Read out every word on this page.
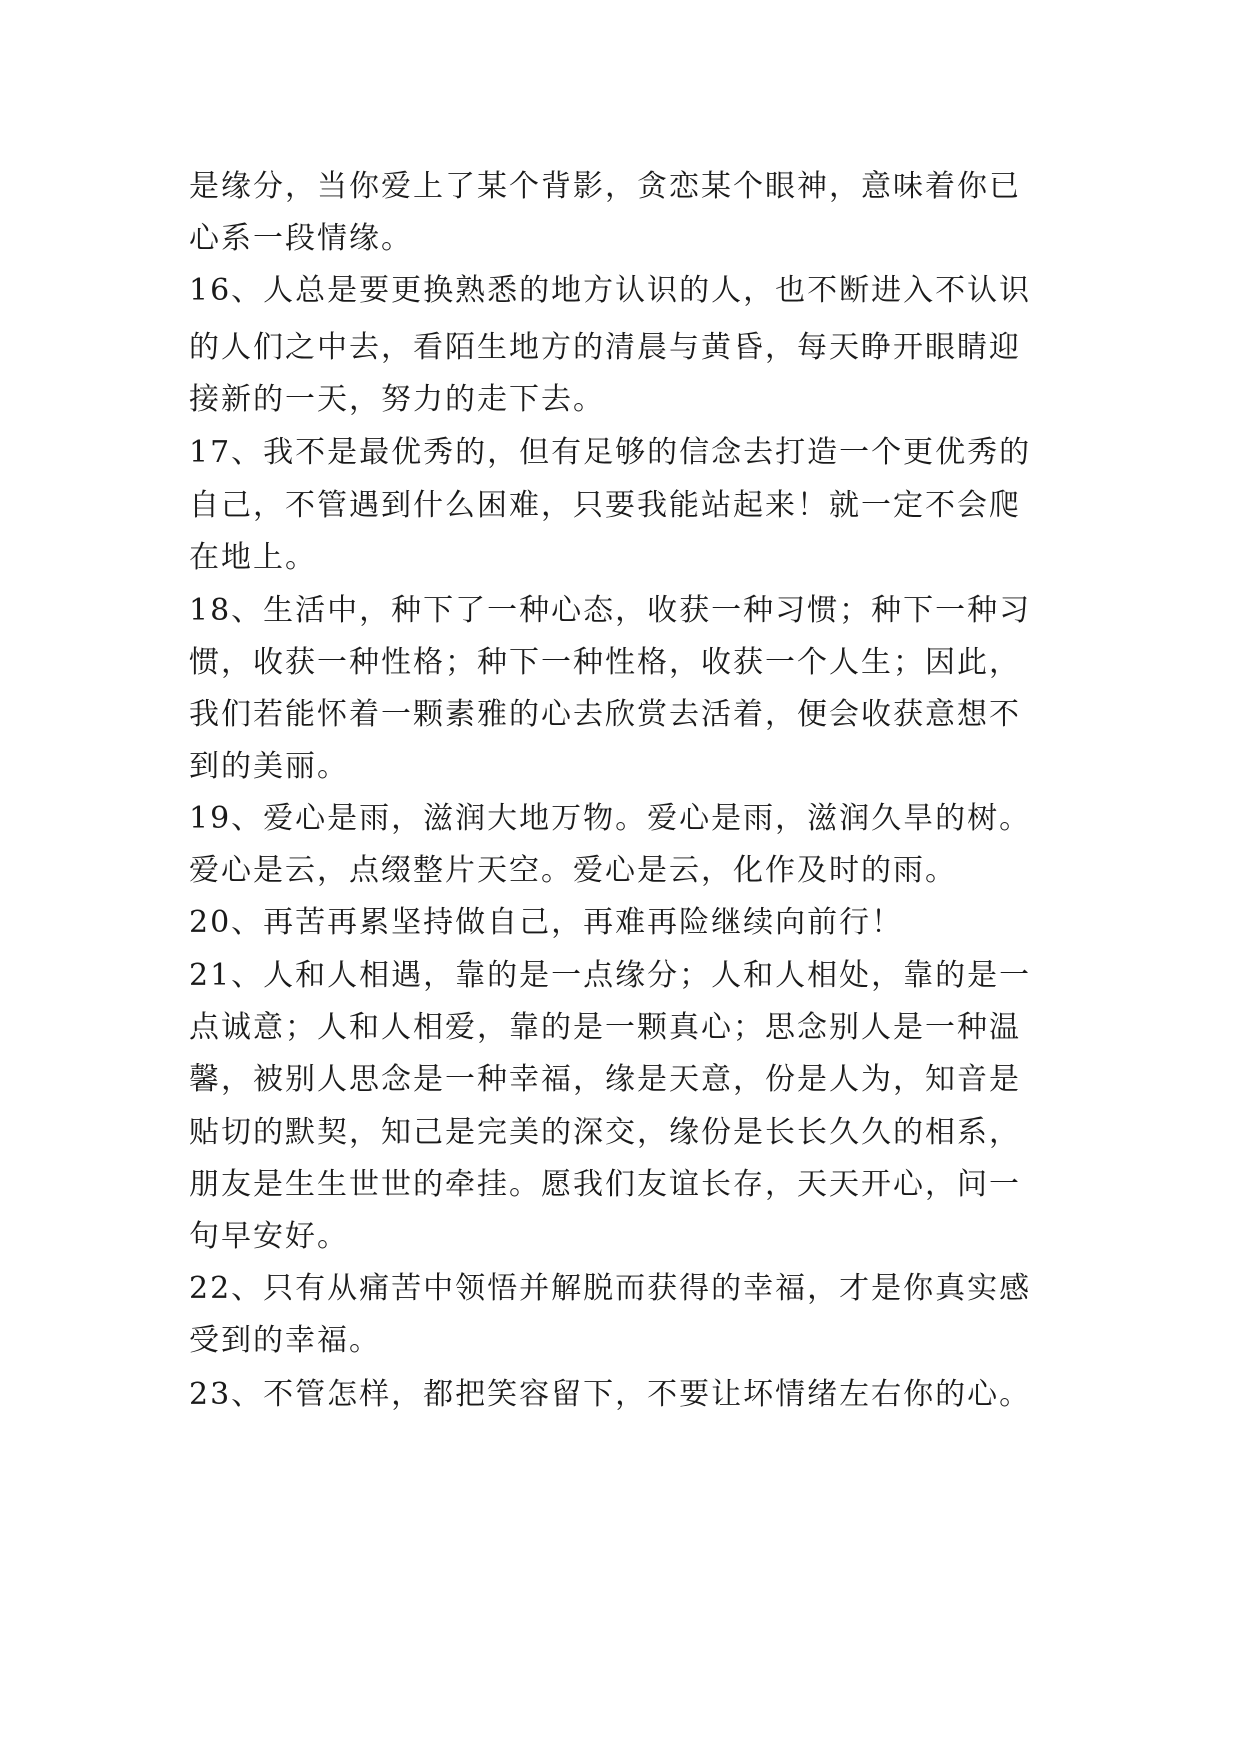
是缘分，当你爱上了某个背影，贪恋某个眼神，意味着你已
心系一段情缘。
16、人总是要更换熟悉的地方认识的人，也不断进入不认识
的人们之中去，看陌生地方的清晨与黄昏，每天睁开眼睛迎
接新的一天，努力的走下去。
17、我不是最优秀的，但有足够的信念去打造一个更优秀的
自己，不管遇到什么困难，只要我能站起来！就一定不会爬
在地上。
18、生活中，种下了一种心态，收获一种习惯；种下一种习
惯，收获一种性格；种下一种性格，收获一个人生；因此，
我们若能怀着一颗素雅的心去欣赏去活着，便会收获意想不
到的美丽。
19、爱心是雨，滋润大地万物。爱心是雨，滋润久旱的树。
爱心是云，点缀整片天空。爱心是云，化作及时的雨。
20、再苦再累坚持做自己，再难再险继续向前行！
21、人和人相遇，靠的是一点缘分；人和人相处，靠的是一
点诚意；人和人相爱，靠的是一颗真心；思念别人是一种温
馨，被别人思念是一种幸福，缘是天意，份是人为，知音是
贴切的默契，知己是完美的深交，缘份是长长久久的相系，
朋友是生生世世的牵挂。愿我们友谊长存，天天开心，问一
句早安好。
22、只有从痛苦中领悟并解脱而获得的幸福，才是你真实感
受到的幸福。
23、不管怎样，都把笑容留下，不要让坏情绪左右你的心。
